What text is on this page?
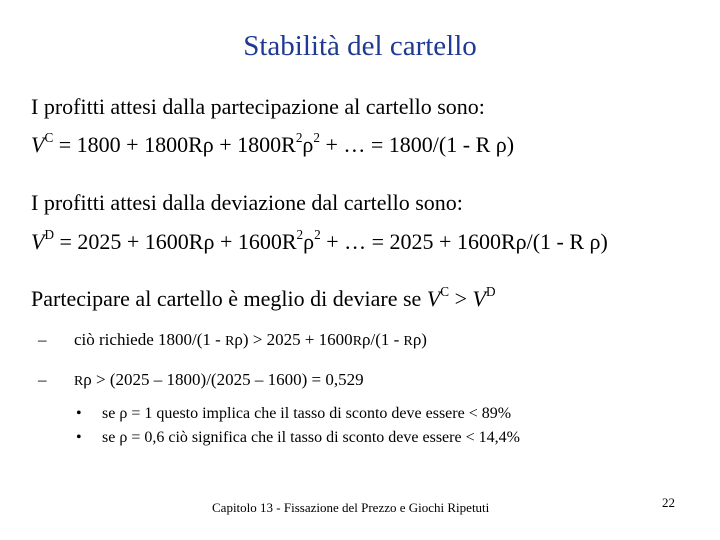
Stabilità del cartello
I profitti attesi dalla partecipazione al cartello sono:
$V^C = 1800 + 1800R\rho + 1800R^2\rho^2$ + … = 1800/(1 - R ρ)
I profitti attesi dalla deviazione dal cartello sono:
$V^D = 2025 + 1600R\rho + 1600R^2\rho^2$ + … = 2025 + 1600Rρ/(1 - R ρ)
Partecipare al cartello è meglio di deviare se $V^C > V^D$
– ciò richiede 1800/(1 - Rρ) > 2025 + 1600Rρ/(1 - Rρ)
– Rρ > (2025 – 1800)/(2025 – 1600) = 0,529
• se ρ = 1 questo implica che il tasso di sconto deve essere < 89%
• se ρ = 0,6 ciò significa che il tasso di sconto deve essere < 14,4%
Capitolo 13 - Fissazione del Prezzo e Giochi Ripetuti	22
